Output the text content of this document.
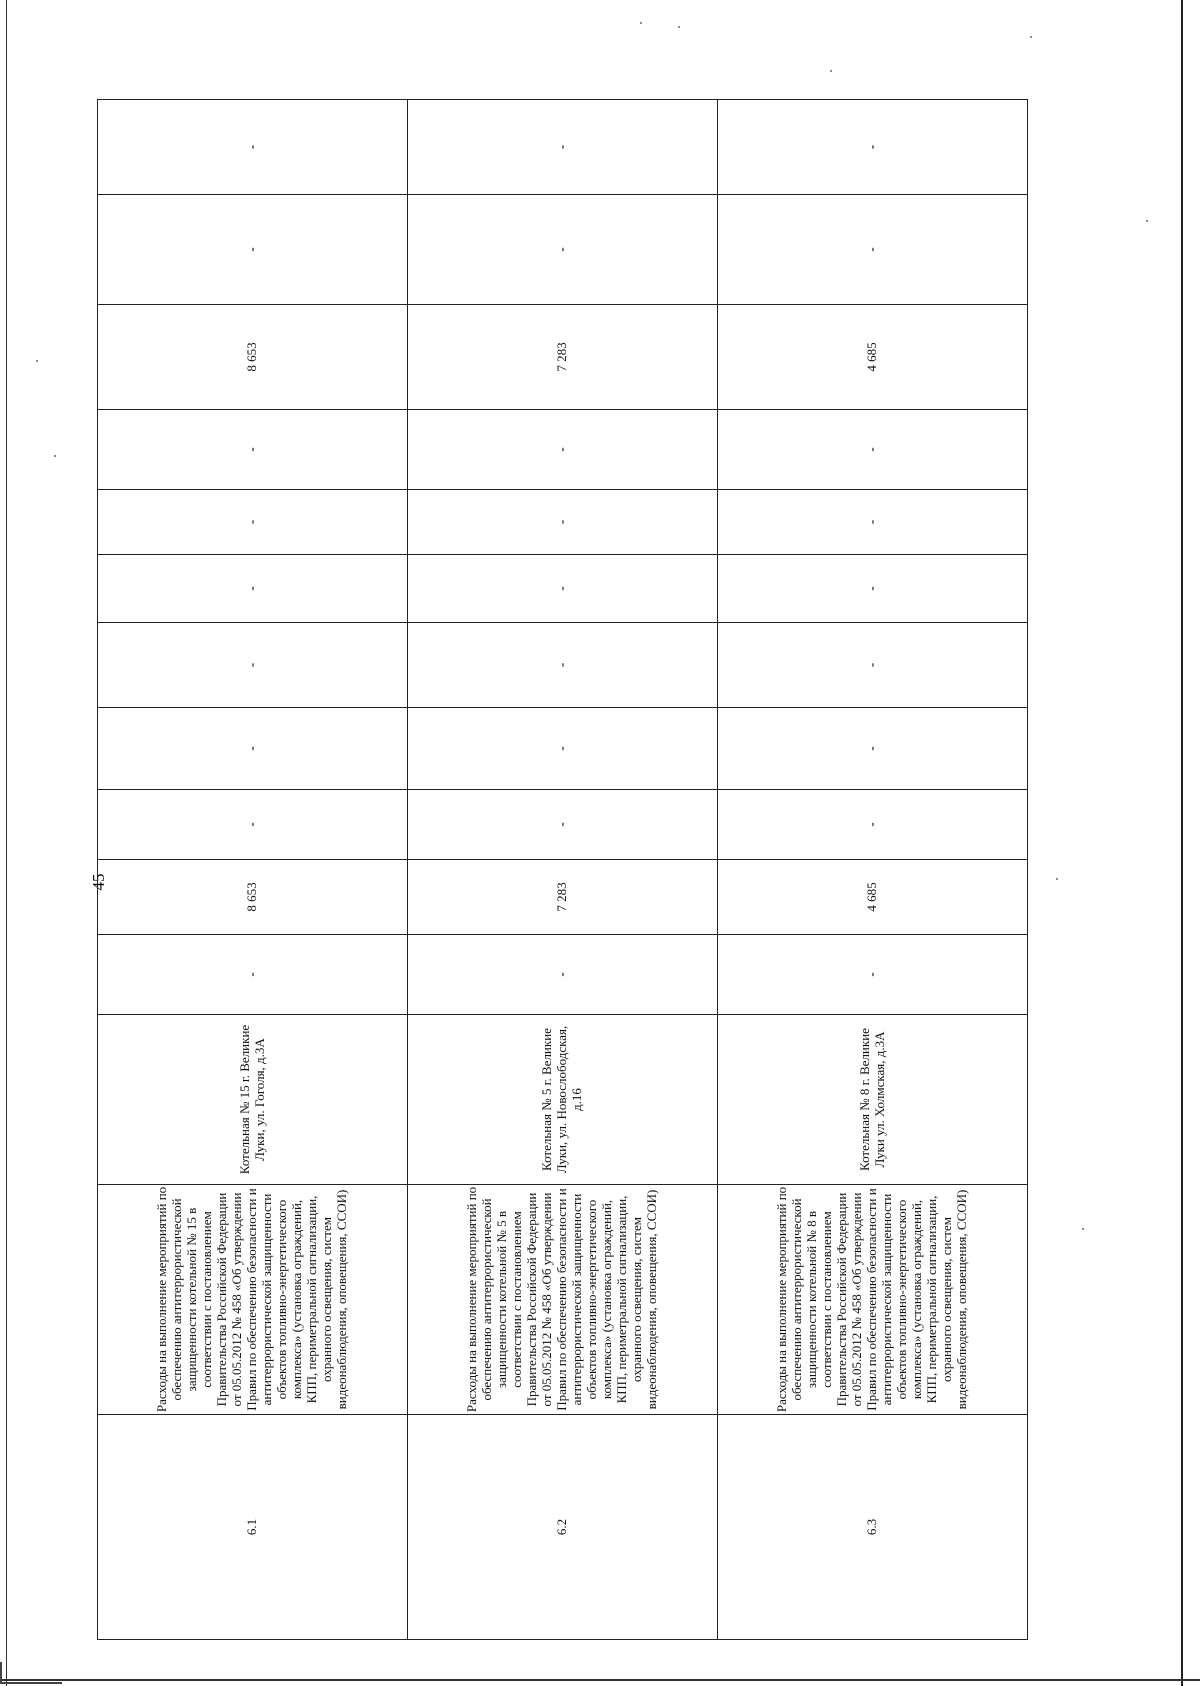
45
6.1	Расходы на выполнение мероприятий по обеспечению антитеррористической защищенности котельной № 15 в соответствии с постановлением Правительства Российской Федерации от 05.05.2012 № 458 «Об утверждении Правил по обеспечению безопасности и антитеррористической защищенности объектов топливно-энергетического комплекса» (установка ограждений, КПП, периметральной сигнализации, охранного освещения, систем видеонаблюдения, оповещения, ССОИ)	Котельная № 15 г. Великие Луки, ул. Гоголя, д.3А	-	8 653	-	-	-	-	-	-	8 653	-	-
6.2	Расходы на выполнение мероприятий по обеспечению антитеррористической защищенности котельной № 5 в соответствии с постановлением Правительства Российской Федерации от 05.05.2012 № 458 «Об утверждении Правил по обеспечению безопасности и антитеррористической защищенности объектов топливно-энергетического комплекса» (установка ограждений, КПП, периметральной сигнализации, охранного освещения, систем видеонаблюдения, оповещения, ССОИ)	Котельная № 5 г. Великие Луки, ул. Новослободская, д.16	-	7 283	-	-	-	-	-	-	7 283	-	-
6.3	Расходы на выполнение мероприятий по обеспечению антитеррористической защищенности котельной № 8 в соответствии с постановлением Правительства Российской Федерации от 05.05.2012 № 458 «Об утверждении Правил по обеспечению безопасности и антитеррористической защищенности объектов топливно-энергетического комплекса» (установка ограждений, КПП, периметральной сигнализации, охранного освещения, систем видеонаблюдения, оповещения, ССОИ)	Котельная № 8 г. Великие Луки ул. Холмская, д.3А	-	4 685	-	-	-	-	-	-	4 685	-	-
